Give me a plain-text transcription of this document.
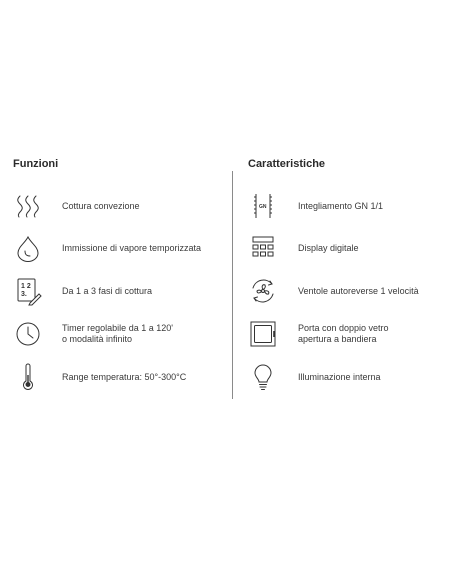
Funzioni
Cottura convezione
Immissione di vapore temporizzata
1 2
3.	Da 1 a 3 fasi di cottura
Timer regolabile da 1 a 120'
o modalità infinito
Range temperatura: 50°-300°C
Caratteristiche
GN	Integliamento GN 1/1
Display digitale
Ventole autoreverse 1 velocità
Porta con doppio vetro
apertura a bandiera
Illuminazione interna
